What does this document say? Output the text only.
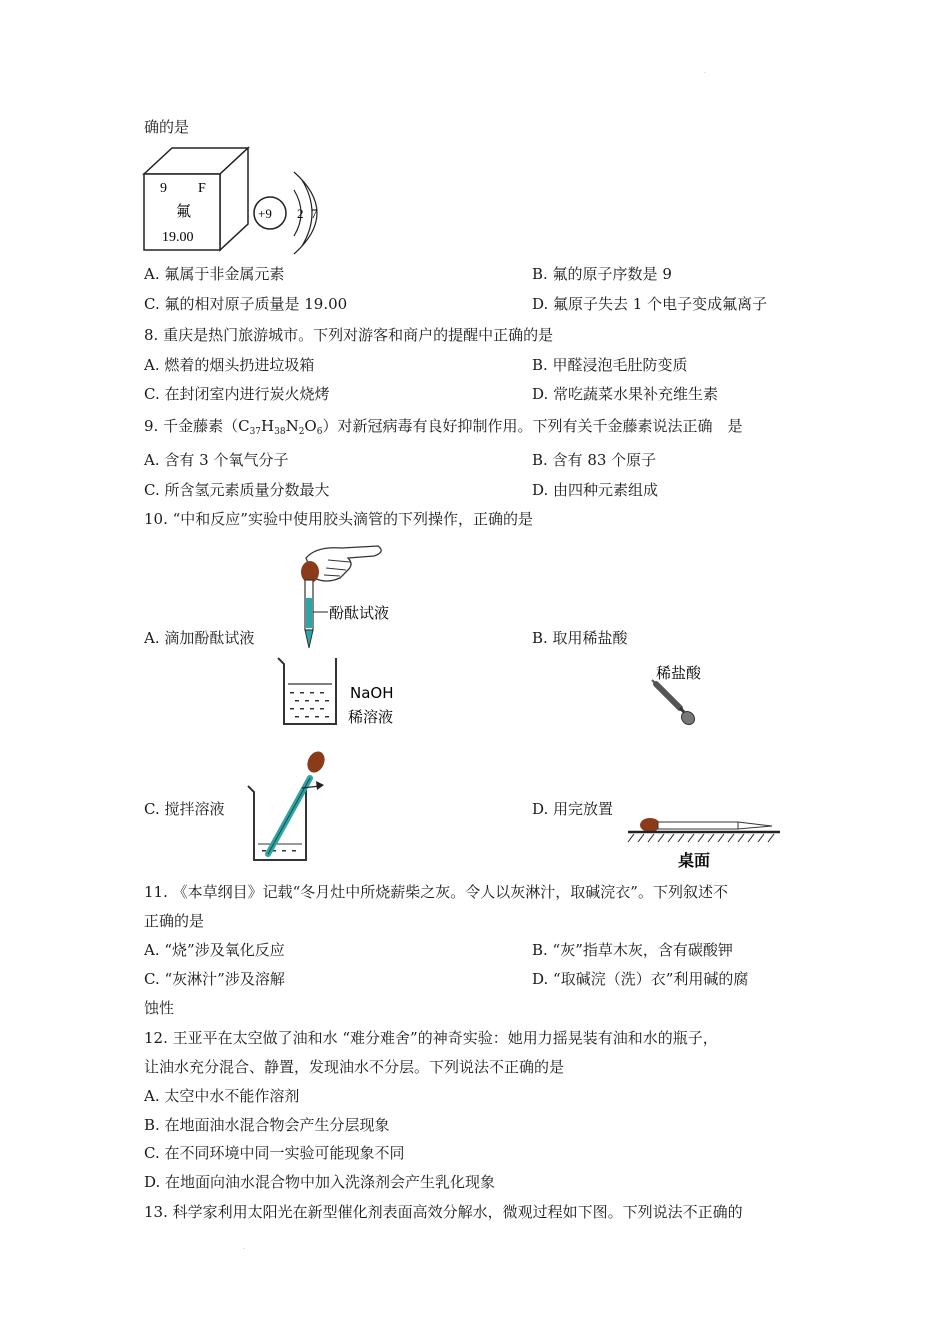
.
确的是
9 F
氟
19.00
+9 2 7
A. 氟属于非金属元素	B. 氟的原子序数是 9
C. 氟的相对原子质量是 19.00	D. 氟原子失去 1 个电子变成氟离子
8. 重庆是热门旅游城市。下列对游客和商户的提醒中正确的是
A. 燃着的烟头扔进垃圾箱	B. 甲醛浸泡毛肚防变质
C. 在封闭室内进行炭火烧烤	D. 常吃蔬菜水果补充维生素
9. 千金藤素$(C_{37}H_{38}N_2O_6)$对新冠病毒有良好抑制作用。下列有关千金藤素说法正确　是
A. 含有 3 个氧气分子	B. 含有 83 个原子
C. 所含氢元素质量分数最大	D. 由四种元素组成
10. “中和反应”实验中使用胶头滴管的下列操作，正确的是
酚酞试液
NaOH
稀溶液
A. 滴加酚酞试液	B. 取用稀盐酸
稀盐酸
C. 搅拌溶液	D. 用完放置
桌面
11. 《本草纲目》记载“冬月灶中所烧薪柴之灰。令人以灰淋汁，取碱浣衣”。下列叙述不
正确的是
A. “烧”涉及氧化反应	B. “灰”指草木灰，含有碳酸钾
C. “灰淋汁”涉及溶解	D. “取碱浣（洗）衣”利用碱的腐
蚀性
12. 王亚平在太空做了油和水 “难分难舍”的神奇实验：她用力摇晃装有油和水的瓶子，
让油水充分混合、静置，发现油水不分层。下列说法不正确的是
A. 太空中水不能作溶剂
B. 在地面油水混合物会产生分层现象
C. 在不同环境中同一实验可能现象不同
D. 在地面向油水混合物中加入洗涤剂会产生乳化现象
13. 科学家利用太阳光在新型催化剂表面高效分解水，微观过程如下图。下列说法不正确的
.
